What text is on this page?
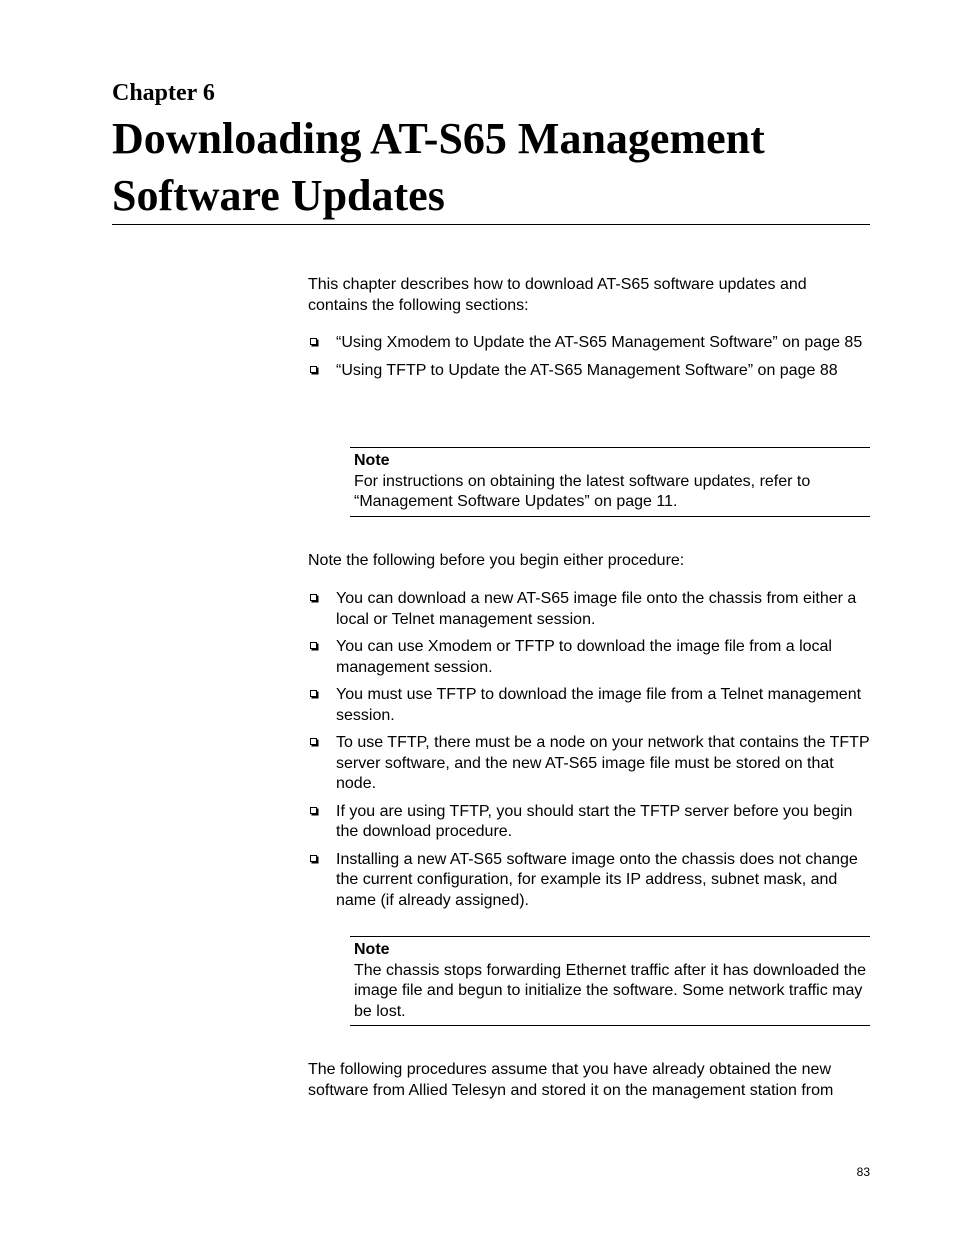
Chapter 6
Downloading AT-S65 Management Software Updates

This chapter describes how to download AT-S65 software updates and contains the following sections:

“Using Xmodem to Update the AT-S65 Management Software” on page 85
“Using TFTP to Update the AT-S65 Management Software” on page 88
Note
For instructions on obtaining the latest software updates, refer to “Management Software Updates” on page 11.

Note the following before you begin either procedure:

You can download a new AT-S65 image file onto the chassis from either a local or Telnet management session.
You can use Xmodem or TFTP to download the image file from a local management session.
You must use TFTP to download the image file from a Telnet management session.
To use TFTP, there must be a node on your network that contains the TFTP server software, and the new AT-S65 image file must be stored on that node.
If you are using TFTP, you should start the TFTP server before you begin the download procedure.
Installing a new AT-S65 software image onto the chassis does not change the current configuration, for example its IP address, subnet mask, and name (if already assigned).
Note
The chassis stops forwarding Ethernet traffic after it has downloaded the image file and begun to initialize the software. Some network traffic may be lost.

The following procedures assume that you have already obtained the new software from Allied Telesyn and stored it on the management station from

83
